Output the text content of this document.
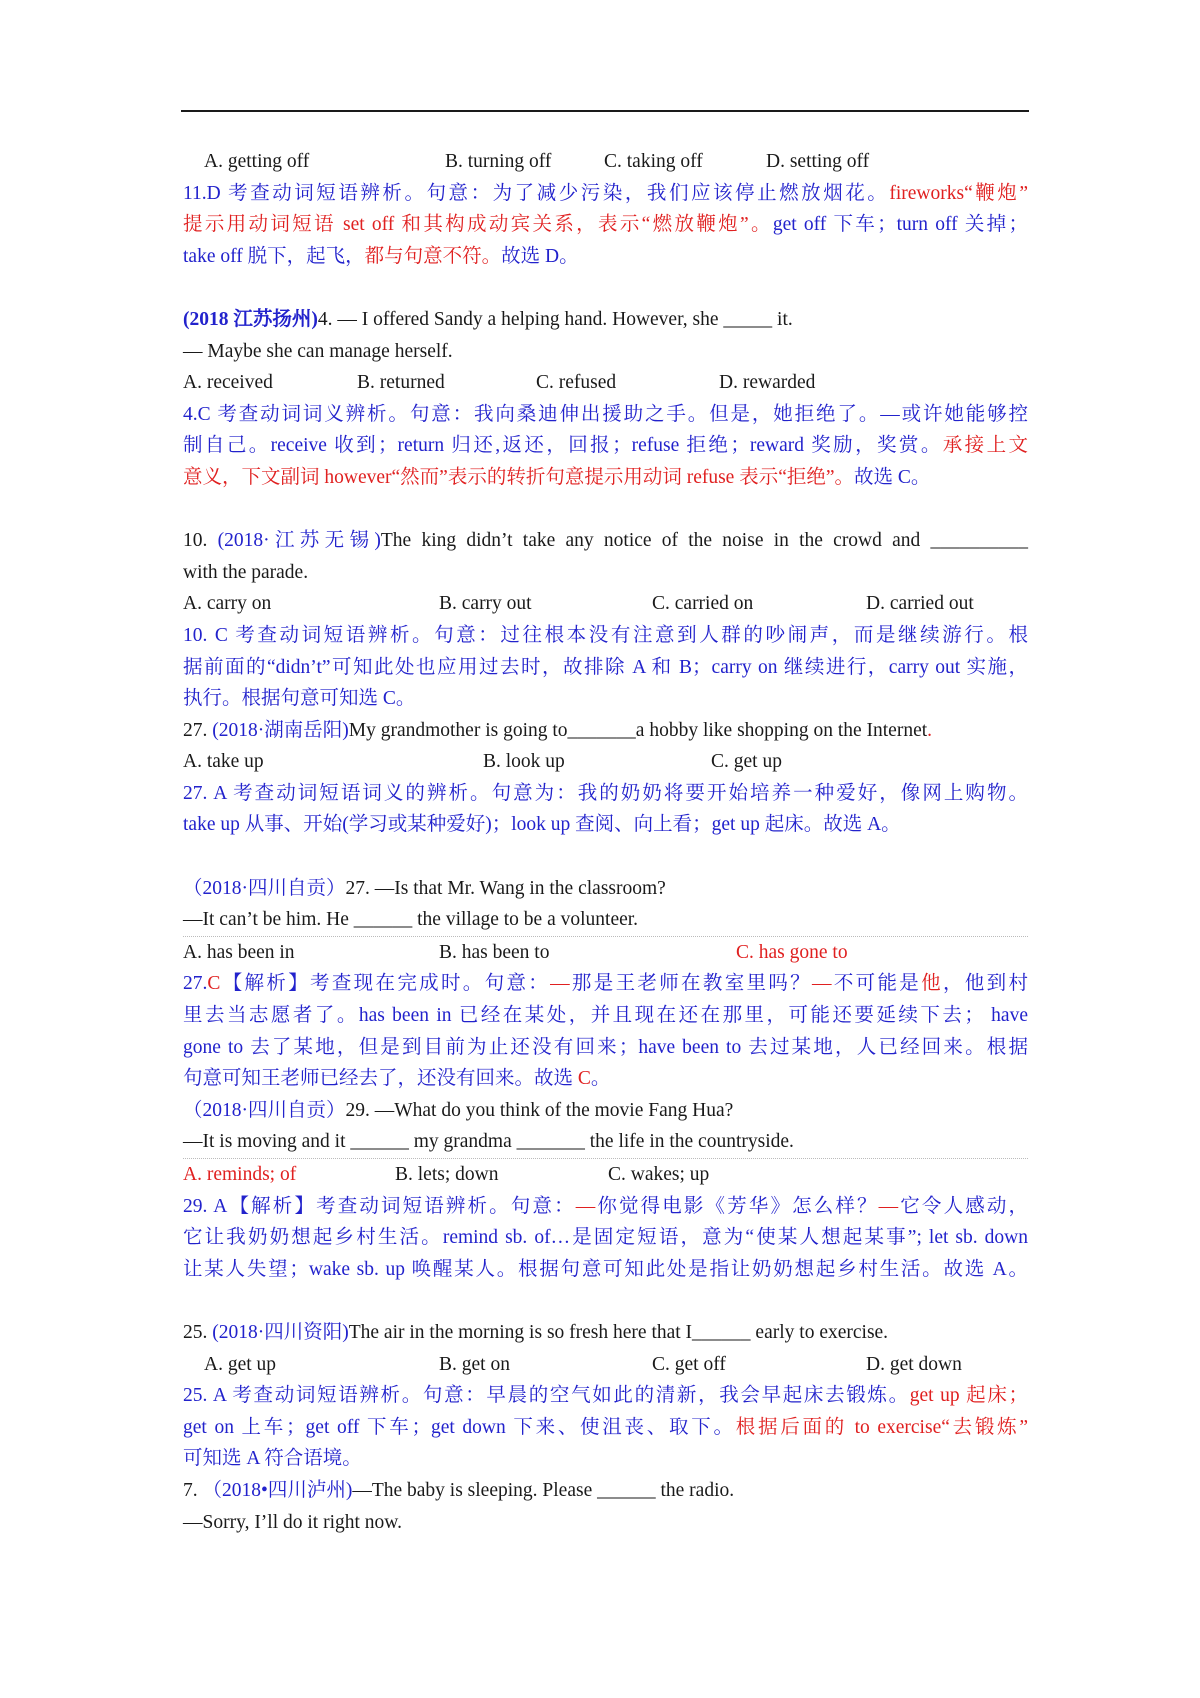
A. getting off	B. turning off	C. taking off	D. setting off
11.D 考查动词短语辨析。句意：为了减少污染，我们应该停止燃放烟花。fireworks“鞭炮”
提示用动词短语 set off 和其构成动宾关系，表示“燃放鞭炮”。get off 下车；turn off 关掉；
take off 脱下，起飞，都与句意不符。故选 D。
(2018 江苏扬州)4. — I offered Sandy a helping hand. However, she _____ it.
— Maybe she can manage herself.
A. received	B. returned	C. refused	D. rewarded
4.C 考查动词词义辨析。句意：我向桑迪伸出援助之手。但是，她拒绝了。—或许她能够控
制自己。receive 收到；return 归还,返还，回报；refuse 拒绝；reward 奖励，奖赏。承接上文
意义，下文副词 however“然而”表示的转折句意提示用动词 refuse 表示“拒绝”。故选 C。
10. (2018·江苏无锡)The king didn’t take any notice of the noise in the crowd and __________
with the parade.
A. carry on	B. carry out	C. carried on	D. carried out
10. C 考查动词短语辨析。句意：过往根本没有注意到人群的吵闹声，而是继续游行。根
据前面的“didn’t”可知此处也应用过去时，故排除 A 和 B；carry on 继续进行，carry out 实施，
执行。根据句意可知选 C。
27. (2018·湖南岳阳)My grandmother is going to_______a hobby like shopping on the Internet.
A. take up	B. look up	C. get up
27. A 考查动词短语词义的辨析。句意为：我的奶奶将要开始培养一种爱好，像网上购物。
take up 从事、开始(学习或某种爱好)；look up 查阅、向上看；get up 起床。故选 A。
（2018·四川自贡）27. —Is that Mr. Wang in the classroom?
—It can’t be him. He ______ the village to be a volunteer.
A. has been in	B. has been to	C. has gone to
27.C【解析】考查现在完成时。句意：—那是王老师在教室里吗？—不可能是他，他到村
里去当志愿者了。has been in 已经在某处，并且现在还在那里，可能还要延续下去； have
gone to 去了某地，但是到目前为止还没有回来；have been to 去过某地，人已经回来。根据
句意可知王老师已经去了，还没有回来。故选 C。
（2018·四川自贡）29. —What do you think of the movie Fang Hua?
—It is moving and it ______ my grandma _______ the life in the countryside.
A. reminds; of	B. lets; down	C. wakes; up
29. A【解析】考查动词短语辨析。句意：—你觉得电影《芳华》怎么样？—它令人感动，
它让我奶奶想起乡村生活。remind sb. of…是固定短语，意为“使某人想起某事”; let sb. down
让某人失望；wake sb. up 唤醒某人。根据句意可知此处是指让奶奶想起乡村生活。故选 A。
25. (2018·四川资阳)The air in the morning is so fresh here that I______ early to exercise.
A. get up	B. get on	C. get off	D. get down
25. A 考查动词短语辨析。句意：早晨的空气如此的清新，我会早起床去锻炼。get up 起床；
get on 上车；get off 下车；get down 下来、使沮丧、取下。根据后面的 to exercise“去锻炼”
可知选 A 符合语境。
7. （2018•四川泸州)—The baby is sleeping. Please ______ the radio.
—Sorry, I’ll do it right now.
